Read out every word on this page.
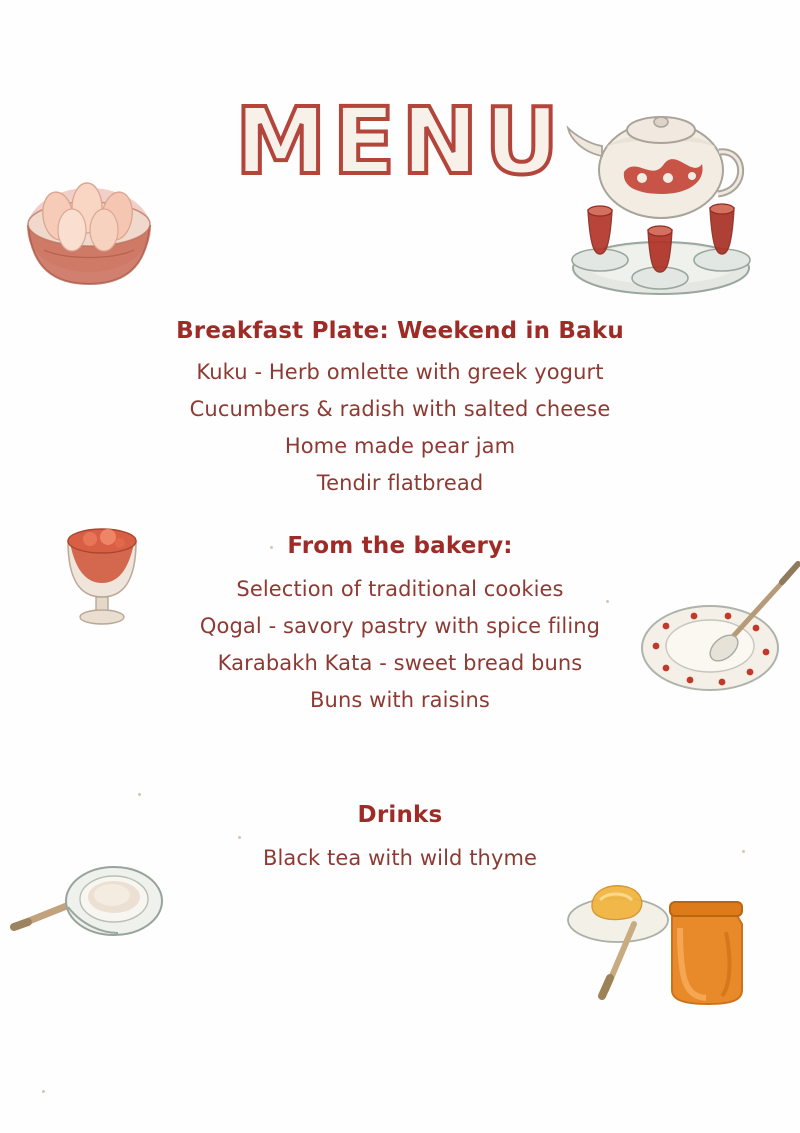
MENU
Breakfast Plate: Weekend in Baku
Kuku - Herb omlette with greek yogurt
Cucumbers & radish with salted cheese
Home made pear jam
Tendir flatbread
From the bakery:
Selection of traditional cookies
Qogal - savory pastry with spice filing
Karabakh Kata - sweet bread buns
Buns with raisins
Drinks
Black tea with wild thyme
